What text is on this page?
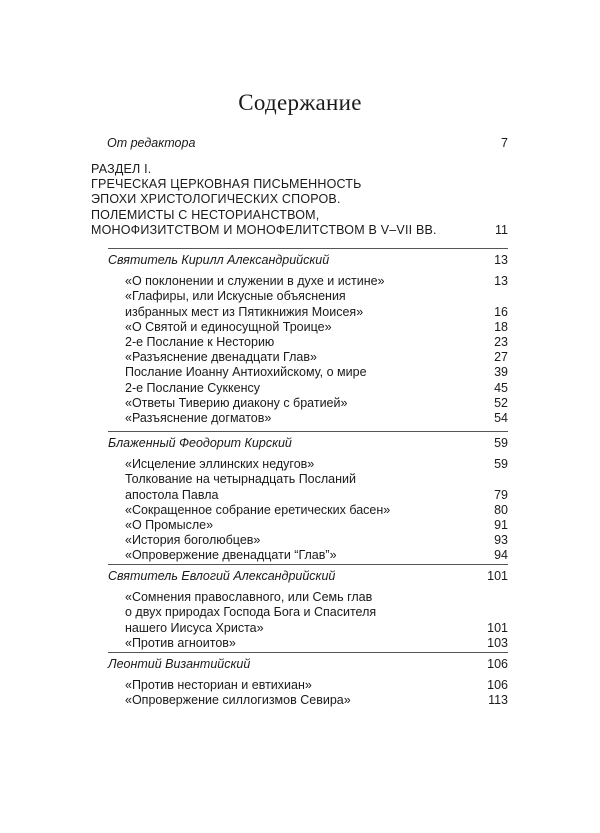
Содержание
От редактора	7
РАЗДЕЛ I.
ГРЕЧЕСКАЯ ЦЕРКОВНАЯ ПИСЬМЕННОСТЬ
ЭПОХИ ХРИСТОЛОГИЧЕСКИХ СПОРОВ.
ПОЛЕМИСТЫ С НЕСТОРИАНСТВОМ,
МОНОФИЗИТСТВОМ И МОНОФЕЛИТСТВОМ В V–VII ВВ.	11
Святитель Кирилл Александрийский	13
«О поклонении и служении в духе и истине»	13
«Глафиры, или Искусные объяснения
избранных мест из Пятикнижия Моисея»	16
«О Святой и единосущной Троице»	18
2-е Послание к Несторию	23
«Разъяснение двенадцати Глав»	27
Послание Иоанну Антиохийскому, о мире	39
2-е Послание Суккенсу	45
«Ответы Тиверию диакону с братией»	52
«Разъяснение догматов»	54
Блаженный Феодорит Кирский	59
«Исцеление эллинских недугов»	59
Толкование на четырнадцать Посланий
апостола Павла	79
«Сокращенное собрание еретических басен»	80
«О Промысле»	91
«История боголюбцев»	93
«Опровержение двенадцати “Глав”»	94
Святитель Евлогий Александрийский	101
«Сомнения православного, или Семь глав
о двух природах Господа Бога и Спасителя
нашего Иисуса Христа»	101
«Против агноитов»	103
Леонтий Византийский	106
«Против несториан и евтихиан»	106
«Опровержение силлогизмов Севира»	113
